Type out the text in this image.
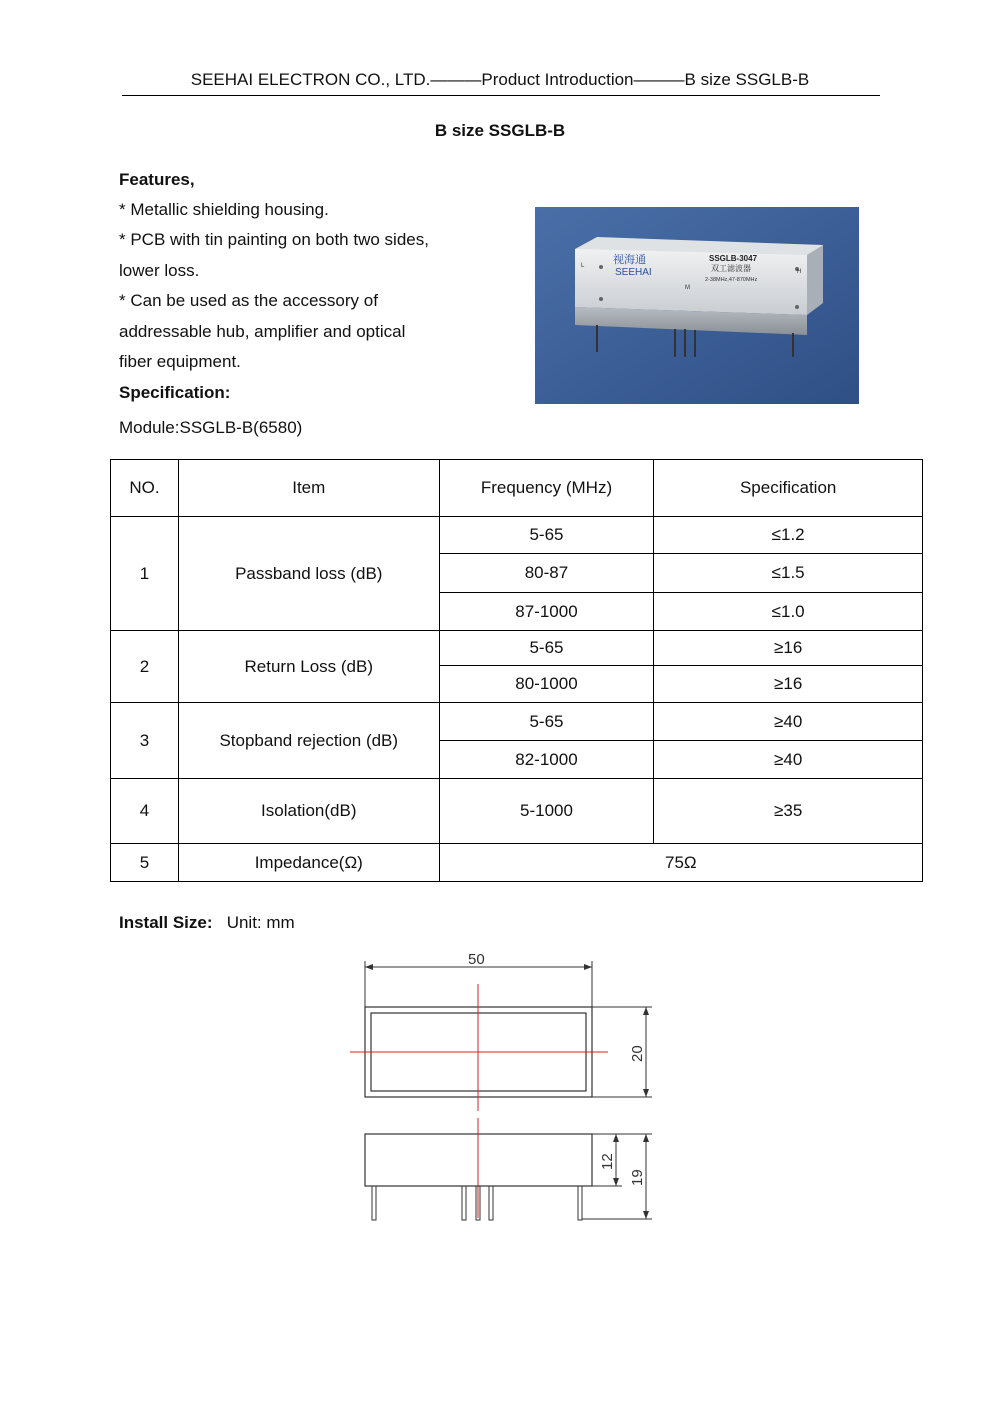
SEEHAI ELECTRON CO., LTD.———Product Introduction———B size SSGLB-B
B size SSGLB-B
Features,
* Metallic shielding housing.
* PCB with tin painting on both two sides,
lower loss.
* Can be used as the accessory of
addressable hub, amplifier and optical
fiber equipment.
Specification:
Module:SSGLB-B(6580)
视海通
SEEHAI
SSGLB-3047
双工滤波器
2-38MHz,47-870MHz
L
H
M
NO.	Item	Frequency (MHz)	Specification
1	Passband loss (dB)	5-65	≤1.2
		80-87	≤1.5
		87-1000	≤1.0
2	Return Loss (dB)	5-65	≥16
		80-1000	≥16
3	Stopband rejection (dB)	5-65	≥40
		82-1000	≥40
4	Isolation(dB)	5-1000	≥35
5	Impedance(Ω)	75Ω	
Install Size: Unit: mm
50
20
12
19
